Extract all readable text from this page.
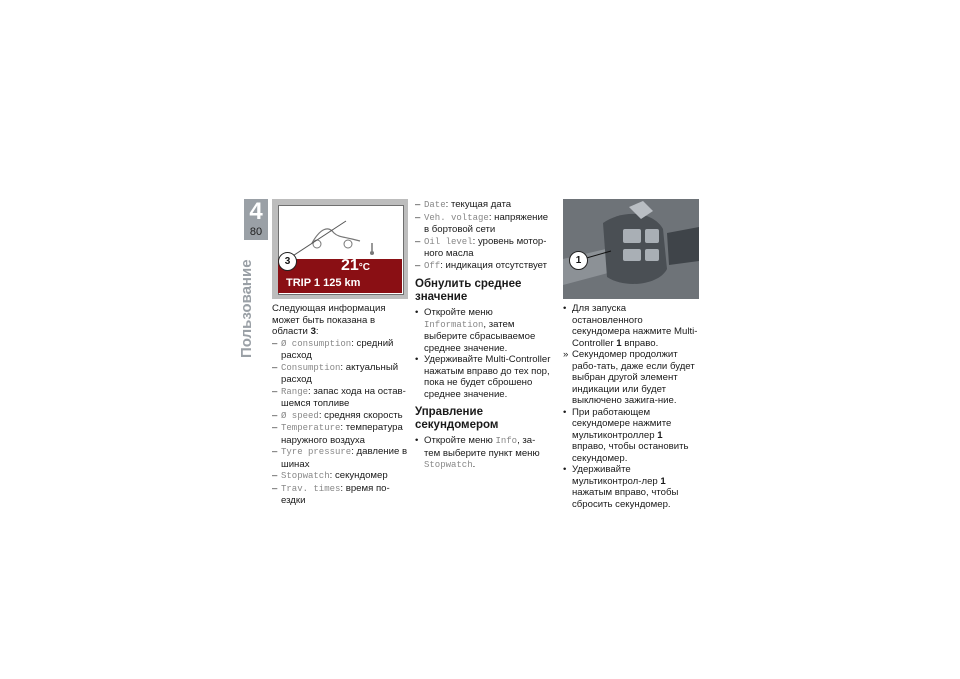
4
80
Пользование	21°C
TRIP 1 125 km
3	1

Следующая информация может быть показана в области 3:

– Ø consumption: средний расход
– Consumption: актуальный расход
– Range: запас хода на остав-шемся топливе
– Ø speed: средняя скорость
– Temperature: температура наружного воздуха
– Tyre pressure: давление в шинах
– Stopwatch: секундомер
– Trav. times: время по-ездки
– Date: текущая дата
– Veh. voltage: напряжение в бортовой сети
– Oil level: уровень мотор-ного масла
– Off: индикация отсутствует
Обнулить среднее значение
• Откройте меню Information, затем выберите сбрасываемое среднее значение.
• Удерживайте Multi-Controller нажатым вправо до тех пор, пока не будет сброшено среднее значение.
Управление секундомером
• Откройте меню Info, за-тем выберите пункт меню Stopwatch.
• Для запуска остановленного секундомера нажмите Multi-Controller 1 вправо.
» Секундомер продолжит рабо-тать, даже если будет выбран другой элемент индикации или будет выключено зажига-ние.
• При работающем секундомере нажмите мультиконтроллер 1 вправо, чтобы остановить секундомер.
• Удерживайте мультиконтрол-лер 1 нажатым вправо, чтобы сбросить секундомер.
